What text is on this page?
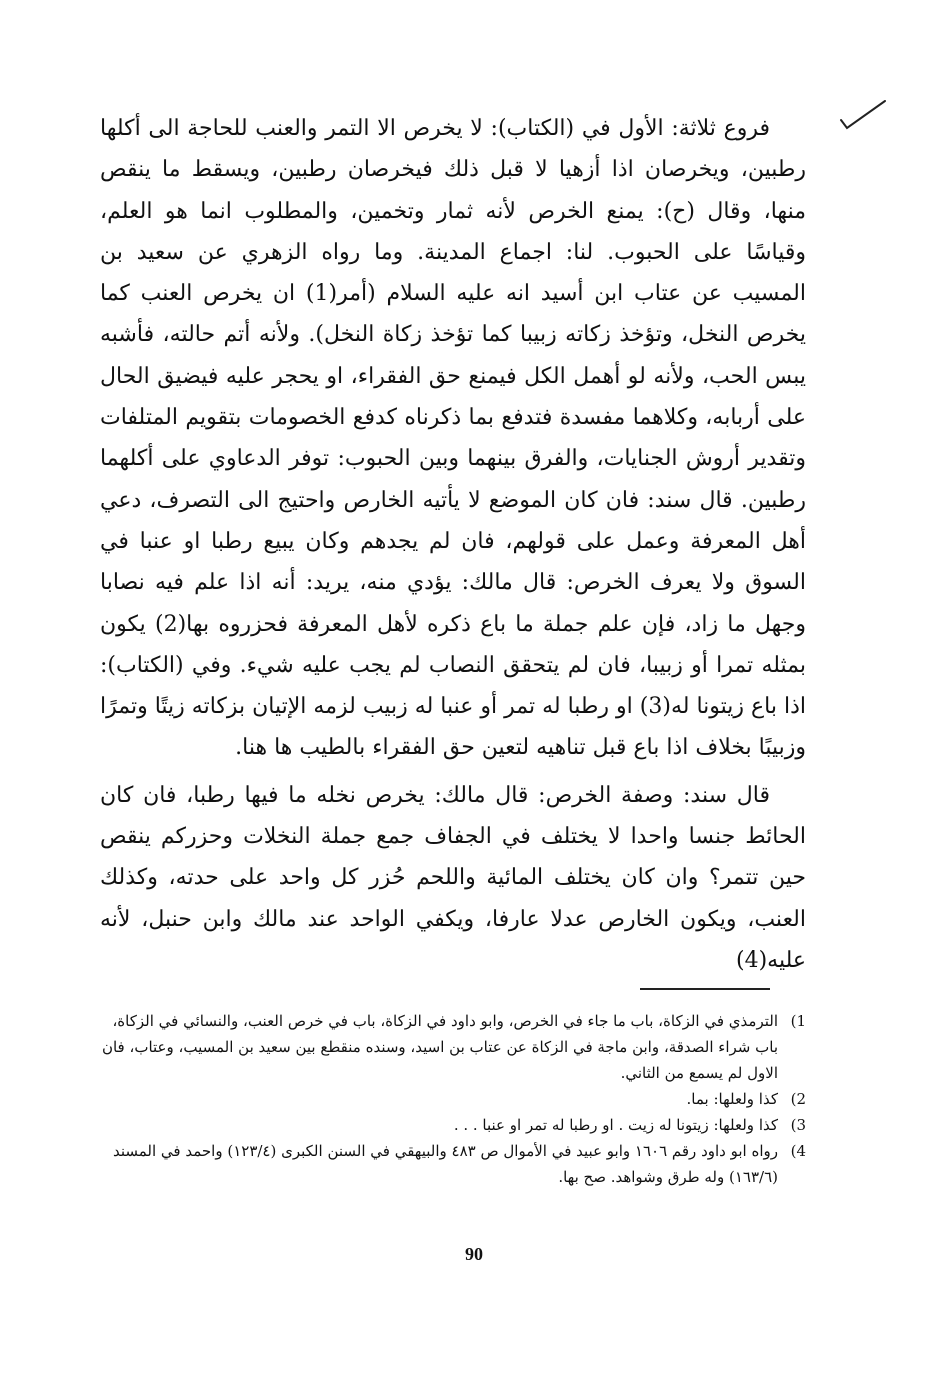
فروع ثلاثة: الأول في (الكتاب): لا يخرص الا التمر والعنب للحاجة الى أكلها رطبين، ويخرصان اذا أزهيا لا قبل ذلك فيخرصان رطبين، ويسقط ما ينقص منها، وقال (ح): يمنع الخرص لأنه ثمار وتخمين، والمطلوب انما هو العلم، وقياسًا على الحبوب. لنا: اجماع المدينة. وما رواه الزهري عن سعيد بن المسيب عن عتاب ابن أسيد انه عليه السلام (أمر(1) ان يخرص العنب كما يخرص النخل، وتؤخذ زكاته زبيبا كما تؤخذ زكاة النخل). ولأنه أتم حالته، فأشبه يبس الحب، ولأنه لو أهمل الكل فيمنع حق الفقراء، او يحجر عليه فيضيق الحال على أربابه، وكلاهما مفسدة فتدفع بما ذكرناه كدفع الخصومات بتقويم المتلفات وتقدير أروش الجنايات، والفرق بينهما وبين الحبوب: توفر الدعاوي على أكلهما رطبين. قال سند: فان كان الموضع لا يأتيه الخارص واحتيج الى التصرف، دعي أهل المعرفة وعمل على قولهم، فان لم يجدهم وكان يبيع رطبا او عنبا في السوق ولا يعرف الخرص: قال مالك: يؤدي منه، يريد: أنه اذا علم فيه نصابا وجهل ما زاد، فإن علم جملة ما باع ذكره لأهل المعرفة فحزروه بها(2) يكون بمثله تمرا أو زبيبا، فان لم يتحقق النصاب لم يجب عليه شيء. وفي (الكتاب): اذا باع زيتونا له(3) او رطبا له تمر أو عنبا له زبيب لزمه الإتيان بزكاته زيتًا وتمرًا وزبيبًا بخلاف اذا باع قبل تناهيه لتعين حق الفقراء بالطيب ها هنا.

قال سند: وصفة الخرص: قال مالك: يخرص نخله ما فيها رطبا، فان كان الحائط جنسا واحدا لا يختلف في الجفاف جمع جملة النخلات وحزركم ينقص حين تتمر؟ وان كان يختلف المائية واللحم حُزر كل واحد على حدته، وكذلك العنب، ويكون الخارص عدلا عارفا، ويكفي الواحد عند مالك وابن حنبل، لأنه عليه(4)

1)
الترمذي في الزكاة، باب ما جاء في الخرص، وابو داود في الزكاة، باب في خرص العنب، والنسائي في الزكاة، باب شراء الصدقة، وابن ماجة في الزكاة عن عتاب بن اسيد، وسنده منقطع بين سعيد بن المسيب، وعتاب، فان الاول لم يسمع من الثاني.
2)
كذا ولعلها: بما.
3)
كذا ولعلها: زيتونا له زيت . او رطبا له تمر او عنبا . . .
4)
رواه ابو داود رقم ١٦٠٦ وابو عبيد في الأموال ص ٤٨٣ والبيهقي في السنن الكبرى (١٢٣/٤) واحمد في المسند (١٦٣/٦) وله طرق وشواهد. صح بها.
90
